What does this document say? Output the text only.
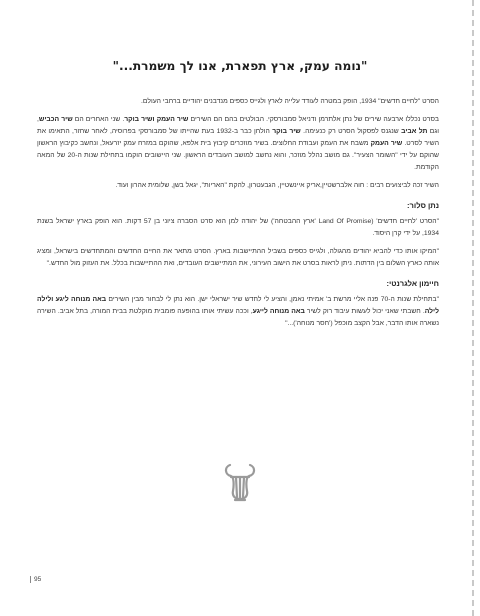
"נומה עמק, ארץ תפארת, אנו לך משמרת..."

הסרט "לחיים חדשים" 1934, הופק במטרה לעודד עלייה לארץ ולגייס כספים מנדבנים יהודיים ברחבי העולם.

בסרט נכללו ארבעה שירים של נתן אלתרמן ודניאל סמבורסקי. הבולטים בהם הם השירים שיר העמק ושיר בוקר. שני האחרים הם שיר הכביש, וגם תל אביב שנגנס לפסקול הסרט רק כנעימה. שיר בוקר הולחן כבר ב-1932 בעת שהייתו של סמבורסקי בפרוסיה, לאחר שחזר, התאימו את השיר לסרט. שיר העמק משבח את העמק ועבודת החלוצים. בשיר מוזכרים קיבוץ בית אלפא, שהוקם במזרח עמק יזרעאל, ונחשב כקיבוץ הראשון שהוקם על ידי "השומר הצעיר". גם מושב נהלל מוזכר, והוא נחשב למושב העובדים הראשון. שני היישובים הוקמו בתחילת שנות ה-20 של המאה הקודמת.

השיר זכה לביצועים רבים : חוה אלברשטיין,אריק איינשטיין, הגבעטרון, להקת "האריות", יגאל בשן, שלומית אהרון ועוד.

נתן סלור:

"הסרט 'לחיים חדשים' (Land Of Promise 'ארץ ההבטחה') של יהודה למן הוא סרט הסברה ציוני בן 57 דקות. הוא הופק בארץ ישראל בשנת 1934, על ידי קרן היסוד.

"המיקו אותו כדי להביא יהודים מהגולה, ולגייס כספים בשביל ההתיישבות בארץ. הסרט מתאר את החיים החדשים והמתחדשים בישראל, ומציג אותה כארץ השלום בין הדתות. ניתן לראות בסרט את הישוב העירוני, את המתיישבים העובדים, ואת ההתיישבות בכלל. את העזוק מול החדש."

חיימון אלגרנטי:

"בתחילת שנות ה-70 פנה אליי מרשת ב' אמיתי נאמן, והציע לי לחדש שיר ישראלי ישן. הוא נתן לי לבחור מבין השירים באה מנוחה ליגע ולילה לילה. חשבתי שאני יכול לעשות עיבוד רוק לשיר באה מנוחה לייגע, וככה עשיתי אותו בהופעה פומבית מוקלטת בבית המורה, בתל אביב. השירה נשארה אותו הדבר, אבל הקצב מוכפל ('חסר מנוחה')..."

95
